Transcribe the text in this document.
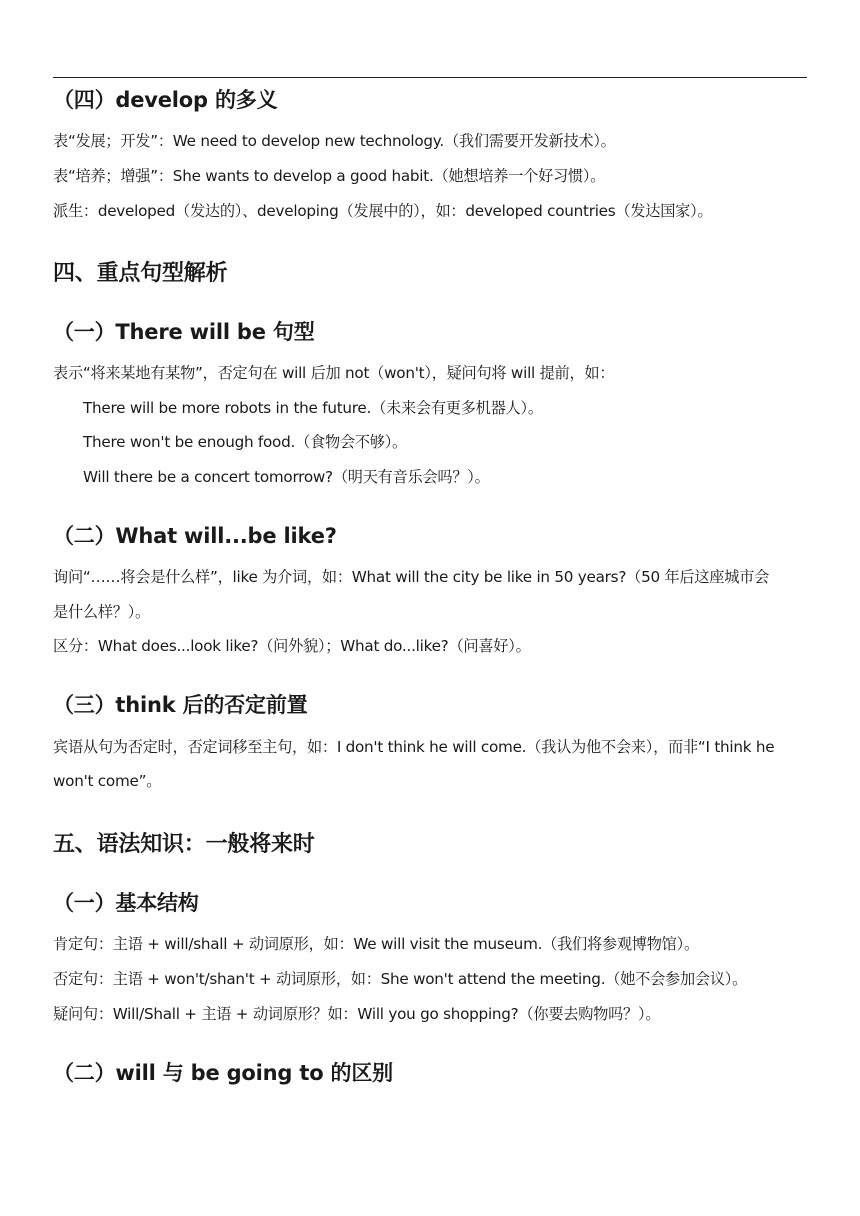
（四）develop 的多义
表“发展；开发”：We need to develop new technology.（我们需要开发新技术）。
表“培养；增强”：She wants to develop a good habit.（她想培养一个好习惯）。
派生：developed（发达的）、developing（发展中的），如：developed countries（发达国家）。
四、重点句型解析
（一）There will be 句型
表示“将来某地有某物”，否定句在 will 后加 not（won't），疑问句将 will 提前，如：
There will be more robots in the future.（未来会有更多机器人）。
There won't be enough food.（食物会不够）。
Will there be a concert tomorrow?（明天有音乐会吗？）。
（二）What will...be like?
询问“……将会是什么样”，like 为介词，如：What will the city be like in 50 years?（50 年后这座城市会
是什么样？）。
区分：What does...look like?（问外貌）；What do...like?（问喜好）。
（三）think 后的否定前置
宾语从句为否定时，否定词移至主句，如：I don't think he will come.（我认为他不会来），而非“I think he
won't come”。
五、语法知识：一般将来时
（一）基本结构
肯定句：主语 + will/shall + 动词原形，如：We will visit the museum.（我们将参观博物馆）。
否定句：主语 + won't/shan't + 动词原形，如：She won't attend the meeting.（她不会参加会议）。
疑问句：Will/Shall + 主语 + 动词原形？如：Will you go shopping?（你要去购物吗？）。
（二）will 与 be going to 的区别
